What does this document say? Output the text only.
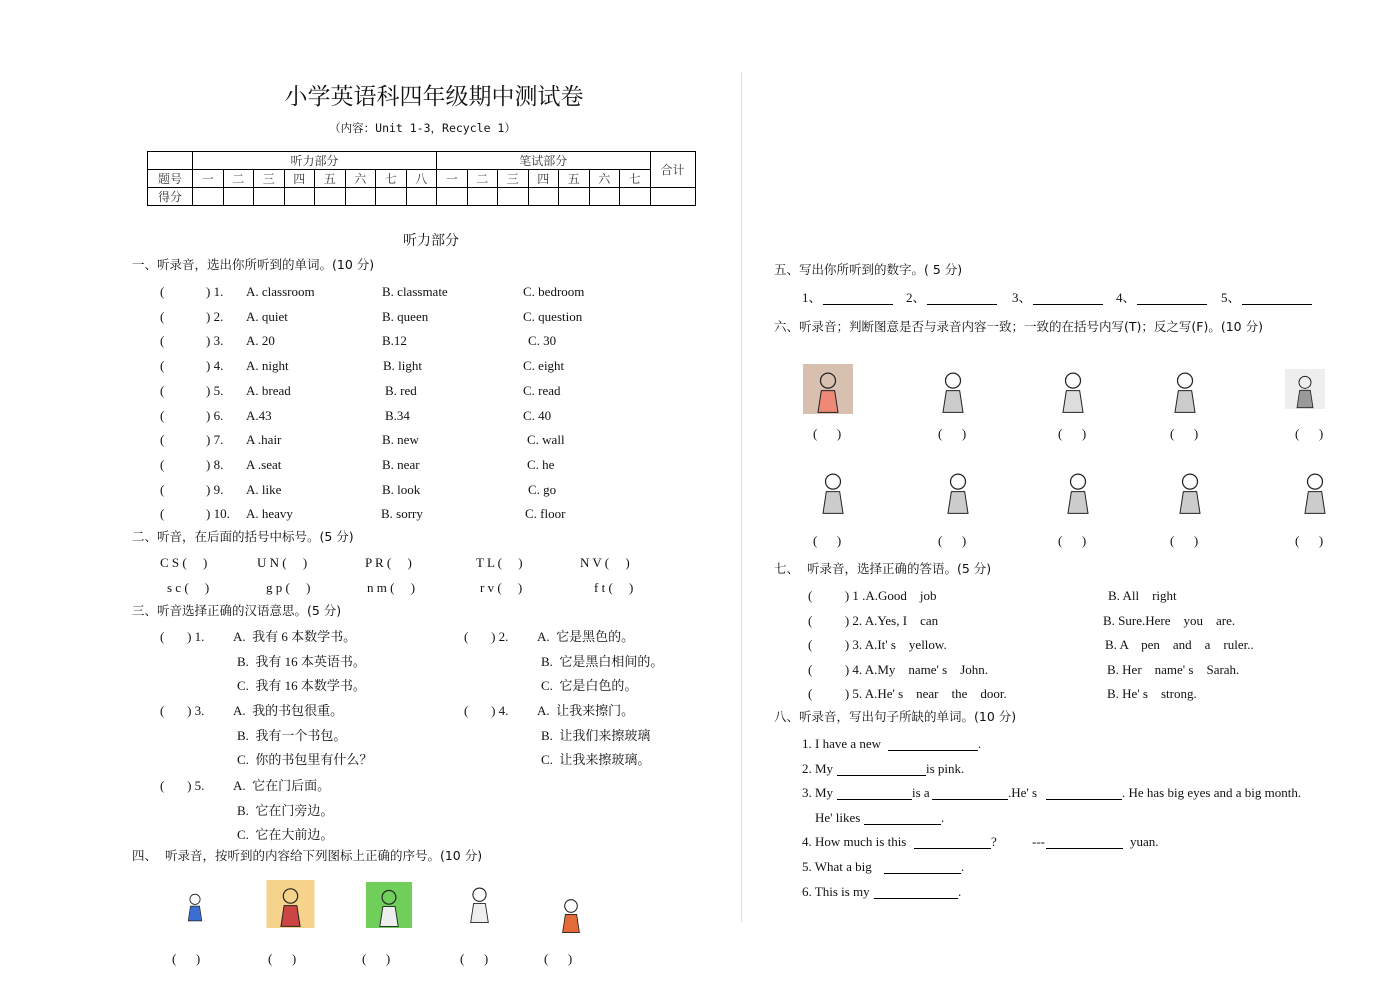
小学英语科四年级期中测试卷
（内容：Unit 1-3，Recycle 1）
	听力部分								笔试部分							合计
题号	一	二	三	四	五	六	七	八	一	二	三	四	五	六	七	
得分																
听力部分
一、听录音，选出你所听到的单词。(10 分)
(	) 1. A. classroom	B. classmate	C. bedroom
(	) 2. A. quiet	B. queen	C. question
(	) 3. A. 20	B.12	C. 30
(	) 4. A. night	B. light	C. eight
(	) 5. A. bread	B. red	C. read
(	) 6. A.43	B.34	C. 40
(	) 7. A .hair	B. new	C. wall
(	) 8. A .seat	B. near	C. he
(	) 9. A. like	B. look	C. go
(	) 10. A. heavy	B. sorry	C. floor
二、听音，在后面的括号中标号。(5 分)
C S (     )	U N (     )	P R (     )	T L (     )	N V (     )
s c (     )	g p (     )	n m (     )	r v (     )	f t (     )
三、听音选择正确的汉语意思。(5 分)
(       ) 1. A.  我有 6 本数学书。
B.  我有 16 本英语书。
C.  我有 16 本数学书。
(       ) 2. A.  它是黑色的。
B.  它是黑白相间的。
C.  它是白色的。
(       ) 3. A.  我的书包很重。
B.  我有一个书包。
C.  你的书包里有什么？
(       ) 4. A.  让我来擦门。
B.  让我们来擦玻璃
C.  让我来擦玻璃。
(       ) 5. A.  它在门后面。
B.  它在门旁边。
C.  它在大前边。
四、  听录音，按听到的内容给下列图标上正确的序号。(10 分)
(      )	(      )	(      )	(      )	(      )
五、写出你所听到的数字。( 5 分)
1、	2、	3、	4、	5、
六、听录音；判断图意是否与录音内容一致；一致的在括号内写(T)；反之写(F)。(10 分)
(      )
(      )
(      )
(      )
(      )
(      )
(      )
(      )
(      )
(      )
七、  听录音，选择正确的答语。(5 分)
(          ) 1 .A.Good    job	B. All    right
(          ) 2. A.Yes, I    can	B. Sure.Here    you    are.
(          ) 3. A.It' s    yellow.	B. A    pen    and    a    ruler..
(          ) 4. A.My    name' s    John.	B. Her    name' s    Sarah.
(          ) 5. A.He' s    near    the    door.	B. He' s    strong.
八、听录音，写出句子所缺的单词。(10 分)
1. I have a new	.
2. My	is pink.
3. My	is a	.He' s	. He has big eyes and a big month.
He' likes	.
4. How much is this	?	---	yuan.
5. What a big	.
6. This is my	.
